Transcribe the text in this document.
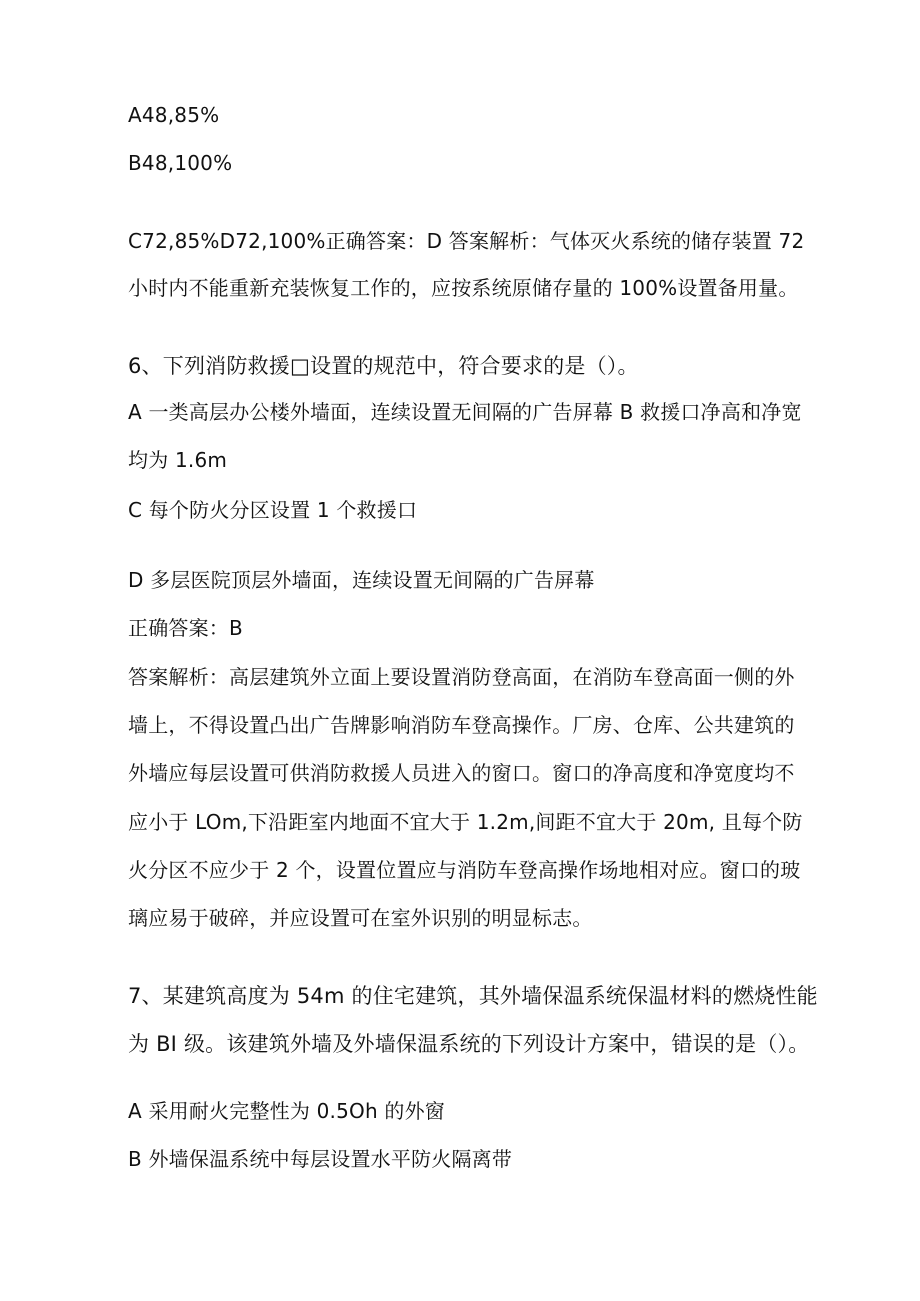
A48,85%

B48,100%

C72,85%D72,100%正确答案：D 答案解析：气体灭火系统的储存装置 72

小时内不能重新充装恢复工作的，应按系统原储存量的 100%设置备用量。

6、下列消防救援□设置的规范中，符合要求的是（）。

A 一类高层办公楼外墙面，连续设置无间隔的广告屏幕 B 救援口净高和净宽

均为 1.6m

C 每个防火分区设置 1 个救援口

D 多层医院顶层外墙面，连续设置无间隔的广告屏幕

正确答案：B

答案解析：高层建筑外立面上要设置消防登高面，在消防车登高面一侧的外

墙上，不得设置凸出广告牌影响消防车登高操作。厂房、仓库、公共建筑的

外墙应每层设置可供消防救援人员进入的窗口。窗口的净高度和净宽度均不

应小于 LOm,下沿距室内地面不宜大于 1.2m,间距不宜大于 20m, 且每个防

火分区不应少于 2 个，设置位置应与消防车登高操作场地相对应。窗口的玻

璃应易于破碎，并应设置可在室外识别的明显标志。

7、某建筑高度为 54m 的住宅建筑，其外墙保温系统保温材料的燃烧性能

为 BI 级。该建筑外墙及外墙保温系统的下列设计方案中，错误的是（）。

A 采用耐火完整性为 0.5Oh 的外窗

B 外墙保温系统中每层设置水平防火隔离带
